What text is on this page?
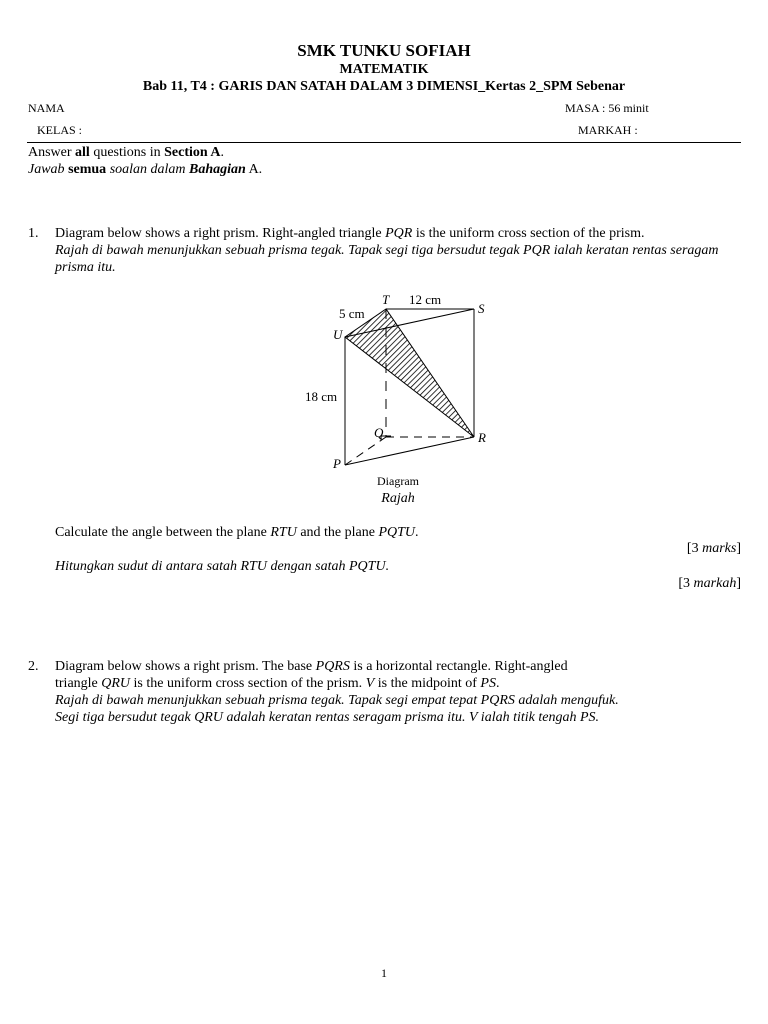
SMK TUNKU SOFIAH
MATEMATIK
Bab 11, T4 : GARIS DAN SATAH DALAM 3 DIMENSI_Kertas 2_SPM Sebenar
NAMA	MASA : 56 minit
KELAS :	MARKAH :
Answer all questions in Section A.
Jawab semua soalan dalam Bahagian A.
1. Diagram below shows a right prism. Right-angled triangle PQR is the uniform cross section of the prism.
Rajah di bawah menunjukkan sebuah prisma tegak. Tapak segi tiga bersudut tegak PQR ialah keratan rentas seragam prisma itu.
12 cm
5 cm
18 cm
T
S
U
Q	R
P
Diagram
Rajah
Calculate the angle between the plane RTU and the plane PQTU.
[3 marks]
Hitungkan sudut di antara satah RTU dengan satah PQTU.
[3 markah]
2. Diagram below shows a right prism. The base PQRS is a horizontal rectangle. Right-angled
triangle QRU is the uniform cross section of the prism. V is the midpoint of PS.
Rajah di bawah menunjukkan sebuah prisma tegak. Tapak segi empat tepat PQRS adalah mengufuk.
Segi tiga bersudut tegak QRU adalah keratan rentas seragam prisma itu. V ialah titik tengah PS.
1
